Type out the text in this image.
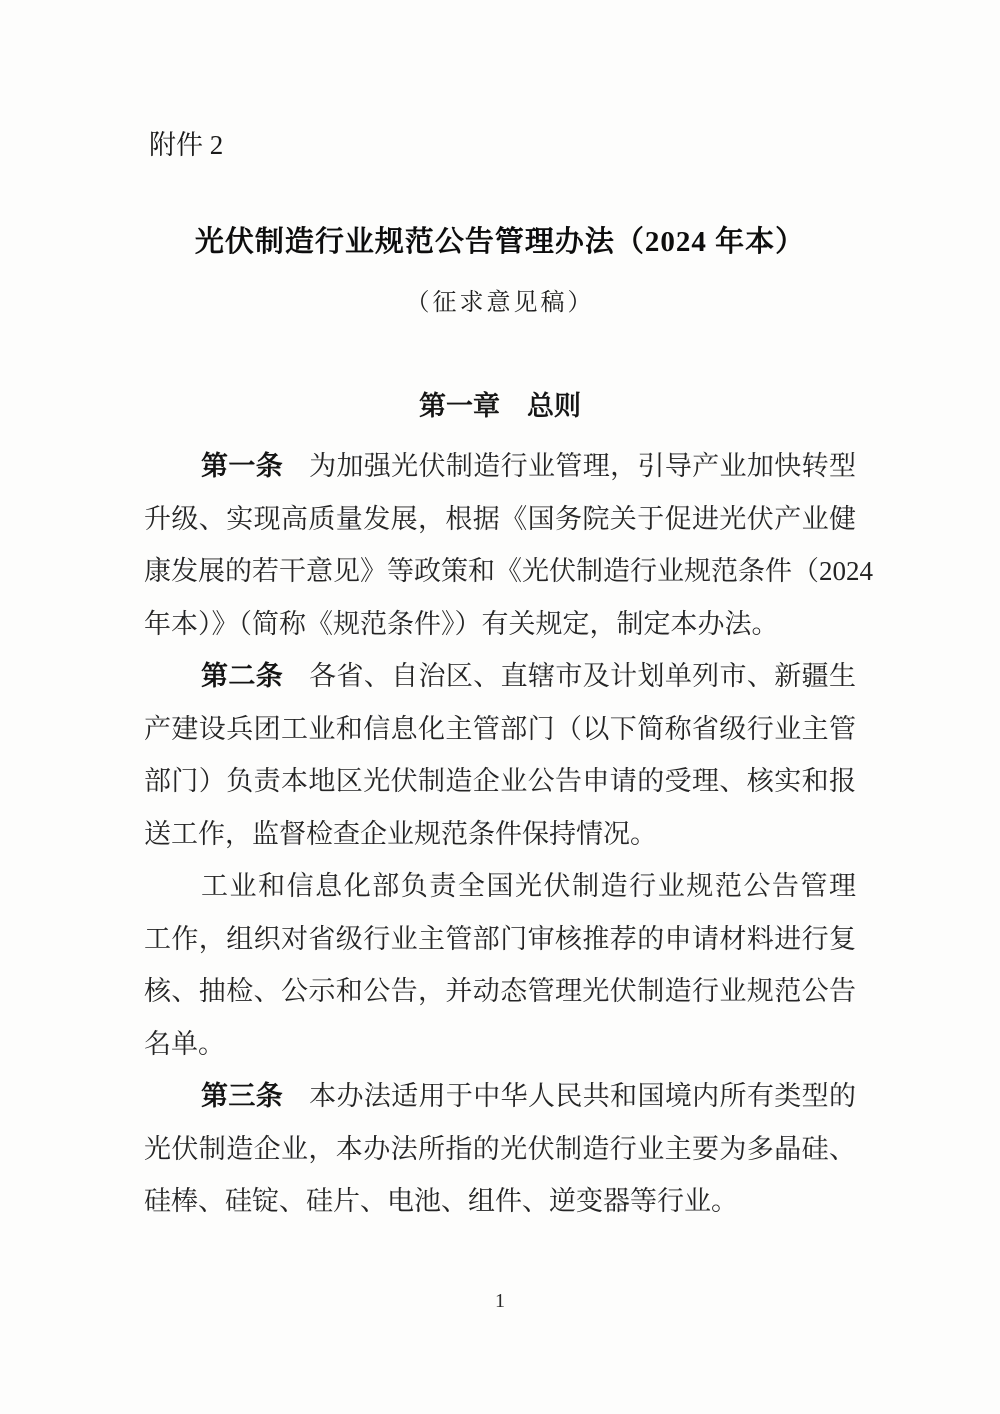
附件 2
光伏制造行业规范公告管理办法（2024 年本）
（征求意见稿）
第一章　总则
第一条 为加强光伏制造行业管理，引导产业加快转型
升级、实现高质量发展，根据《国务院关于促进光伏产业健
康发展的若干意见》等政策和《光伏制造行业规范条件（2024
年本）》（简称《规范条件》）有关规定，制定本办法。
第二条 各省、自治区、直辖市及计划单列市、新疆生
产建设兵团工业和信息化主管部门（以下简称省级行业主管
部门）负责本地区光伏制造企业公告申请的受理、核实和报
送工作，监督检查企业规范条件保持情况。
工业和信息化部负责全国光伏制造行业规范公告管理
工作，组织对省级行业主管部门审核推荐的申请材料进行复
核、抽检、公示和公告，并动态管理光伏制造行业规范公告
名单。
第三条 本办法适用于中华人民共和国境内所有类型的
光伏制造企业，本办法所指的光伏制造行业主要为多晶硅、
硅棒、硅锭、硅片、电池、组件、逆变器等行业。
1
